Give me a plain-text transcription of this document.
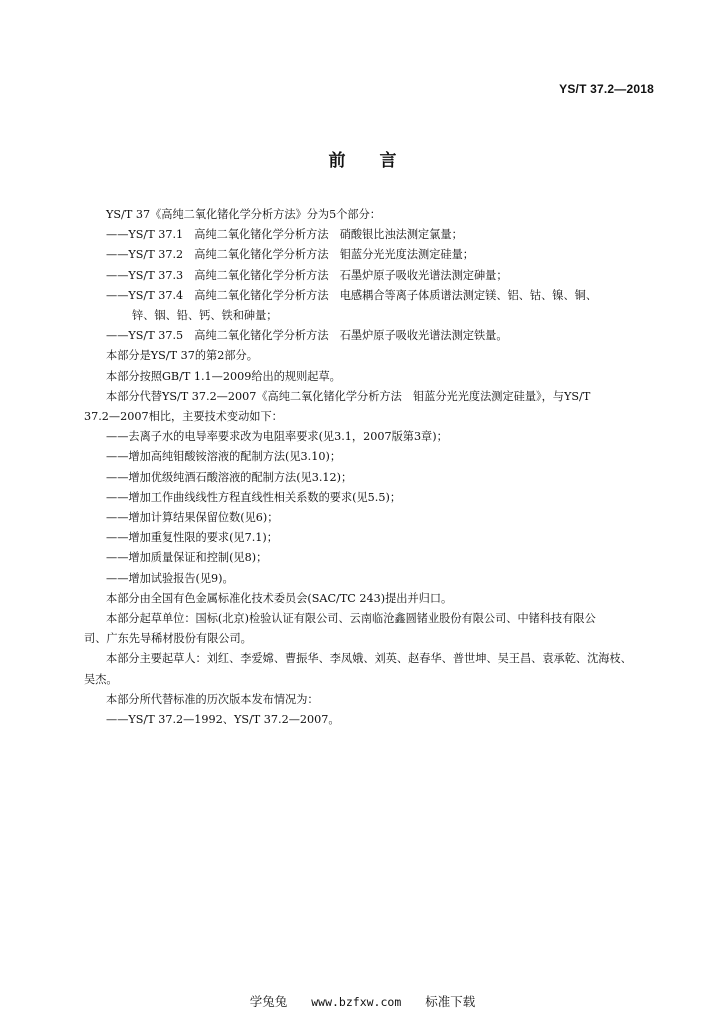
YS/T 37.2—2018
前言

YS/T 37《高纯二氧化锗化学分析方法》分为5个部分：

——YS/T 37.1　高纯二氧化锗化学分析方法　硝酸银比浊法测定氯量；

——YS/T 37.2　高纯二氧化锗化学分析方法　钼蓝分光光度法测定硅量；

——YS/T 37.3　高纯二氧化锗化学分析方法　石墨炉原子吸收光谱法测定砷量；

——YS/T 37.4　高纯二氧化锗化学分析方法　电感耦合等离子体质谱法测定镁、铝、钴、镍、铜、

锌、铟、铅、钙、铁和砷量；

——YS/T 37.5　高纯二氧化锗化学分析方法　石墨炉原子吸收光谱法测定铁量。

本部分是YS/T 37的第2部分。

本部分按照GB/T 1.1—2009给出的规则起草。

本部分代替YS/T 37.2—2007《高纯二氧化锗化学分析方法　钼蓝分光光度法测定硅量》，与YS/T

37.2—2007相比，主要技术变动如下：

——去离子水的电导率要求改为电阻率要求(见3.1，2007版第3章)；

——增加高纯钼酸铵溶液的配制方法(见3.10)；

——增加优级纯酒石酸溶液的配制方法(见3.12)；

——增加工作曲线线性方程直线性相关系数的要求(见5.5)；

——增加计算结果保留位数(见6)；

——增加重复性限的要求(见7.1)；

——增加质量保证和控制(见8)；

——增加试验报告(见9)。

本部分由全国有色金属标准化技术委员会(SAC/TC 243)提出并归口。

本部分起草单位：国标(北京)检验认证有限公司、云南临沧鑫圆锗业股份有限公司、中锗科技有限公

司、广东先导稀材股份有限公司。

本部分主要起草人：刘红、李爱嫦、曹振华、李凤娥、刘英、赵春华、普世坤、吴王昌、袁承乾、沈海枝、

吴杰。

本部分所代替标准的历次版本发布情况为：

——YS/T 37.2—1992、YS/T 37.2—2007。

学兔兔 www.bzfxw.com 标准下载
